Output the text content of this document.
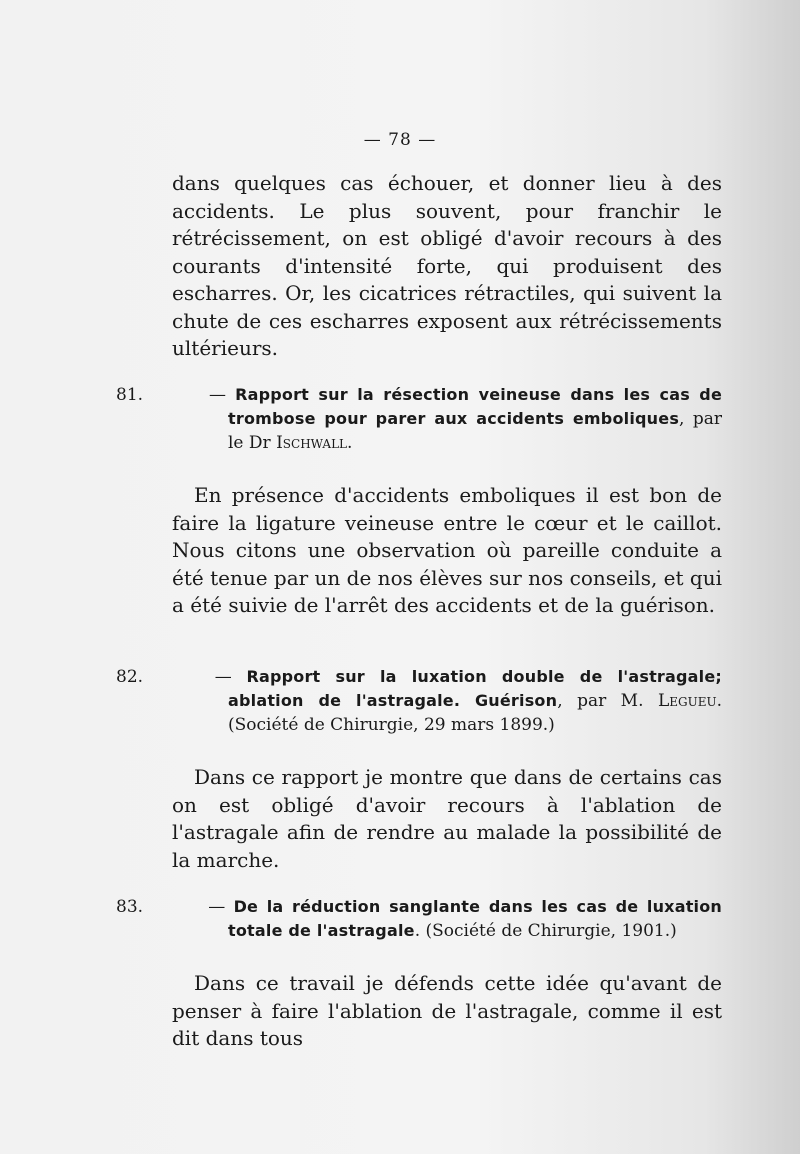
— 78 —

dans quelques cas échouer, et donner lieu à des accidents. Le plus souvent, pour franchir le rétrécissement, on est obligé d'avoir recours à des courants d'intensité forte, qui produisent des escharres. Or, les cicatrices rétractiles, qui suivent la chute de ces escharres exposent aux rétrécissements ultérieurs.

81.	— Rapport sur la résection veineuse dans les cas de trombose pour parer aux accidents emboliques, par le Dr Ischwall.

En présence d'accidents emboliques il est bon de faire la ligature veineuse entre le cœur et le caillot. Nous citons une observation où pareille conduite a été tenue par un de nos élèves sur nos conseils, et qui a été suivie de l'arrêt des accidents et de la guérison.

82.	— Rapport sur la luxation double de l'astragale; ablation de l'astragale. Guérison, par M. Legueu. (Société de Chirurgie, 29 mars 1899.)

Dans ce rapport je montre que dans de certains cas on est obligé d'avoir recours à l'ablation de l'astragale afin de rendre au malade la possibilité de la marche.

83.	— De la réduction sanglante dans les cas de luxation totale de l'astragale. (Société de Chirurgie, 1901.)

Dans ce travail je défends cette idée qu'avant de penser à faire l'ablation de l'astragale, comme il est dit dans tous
